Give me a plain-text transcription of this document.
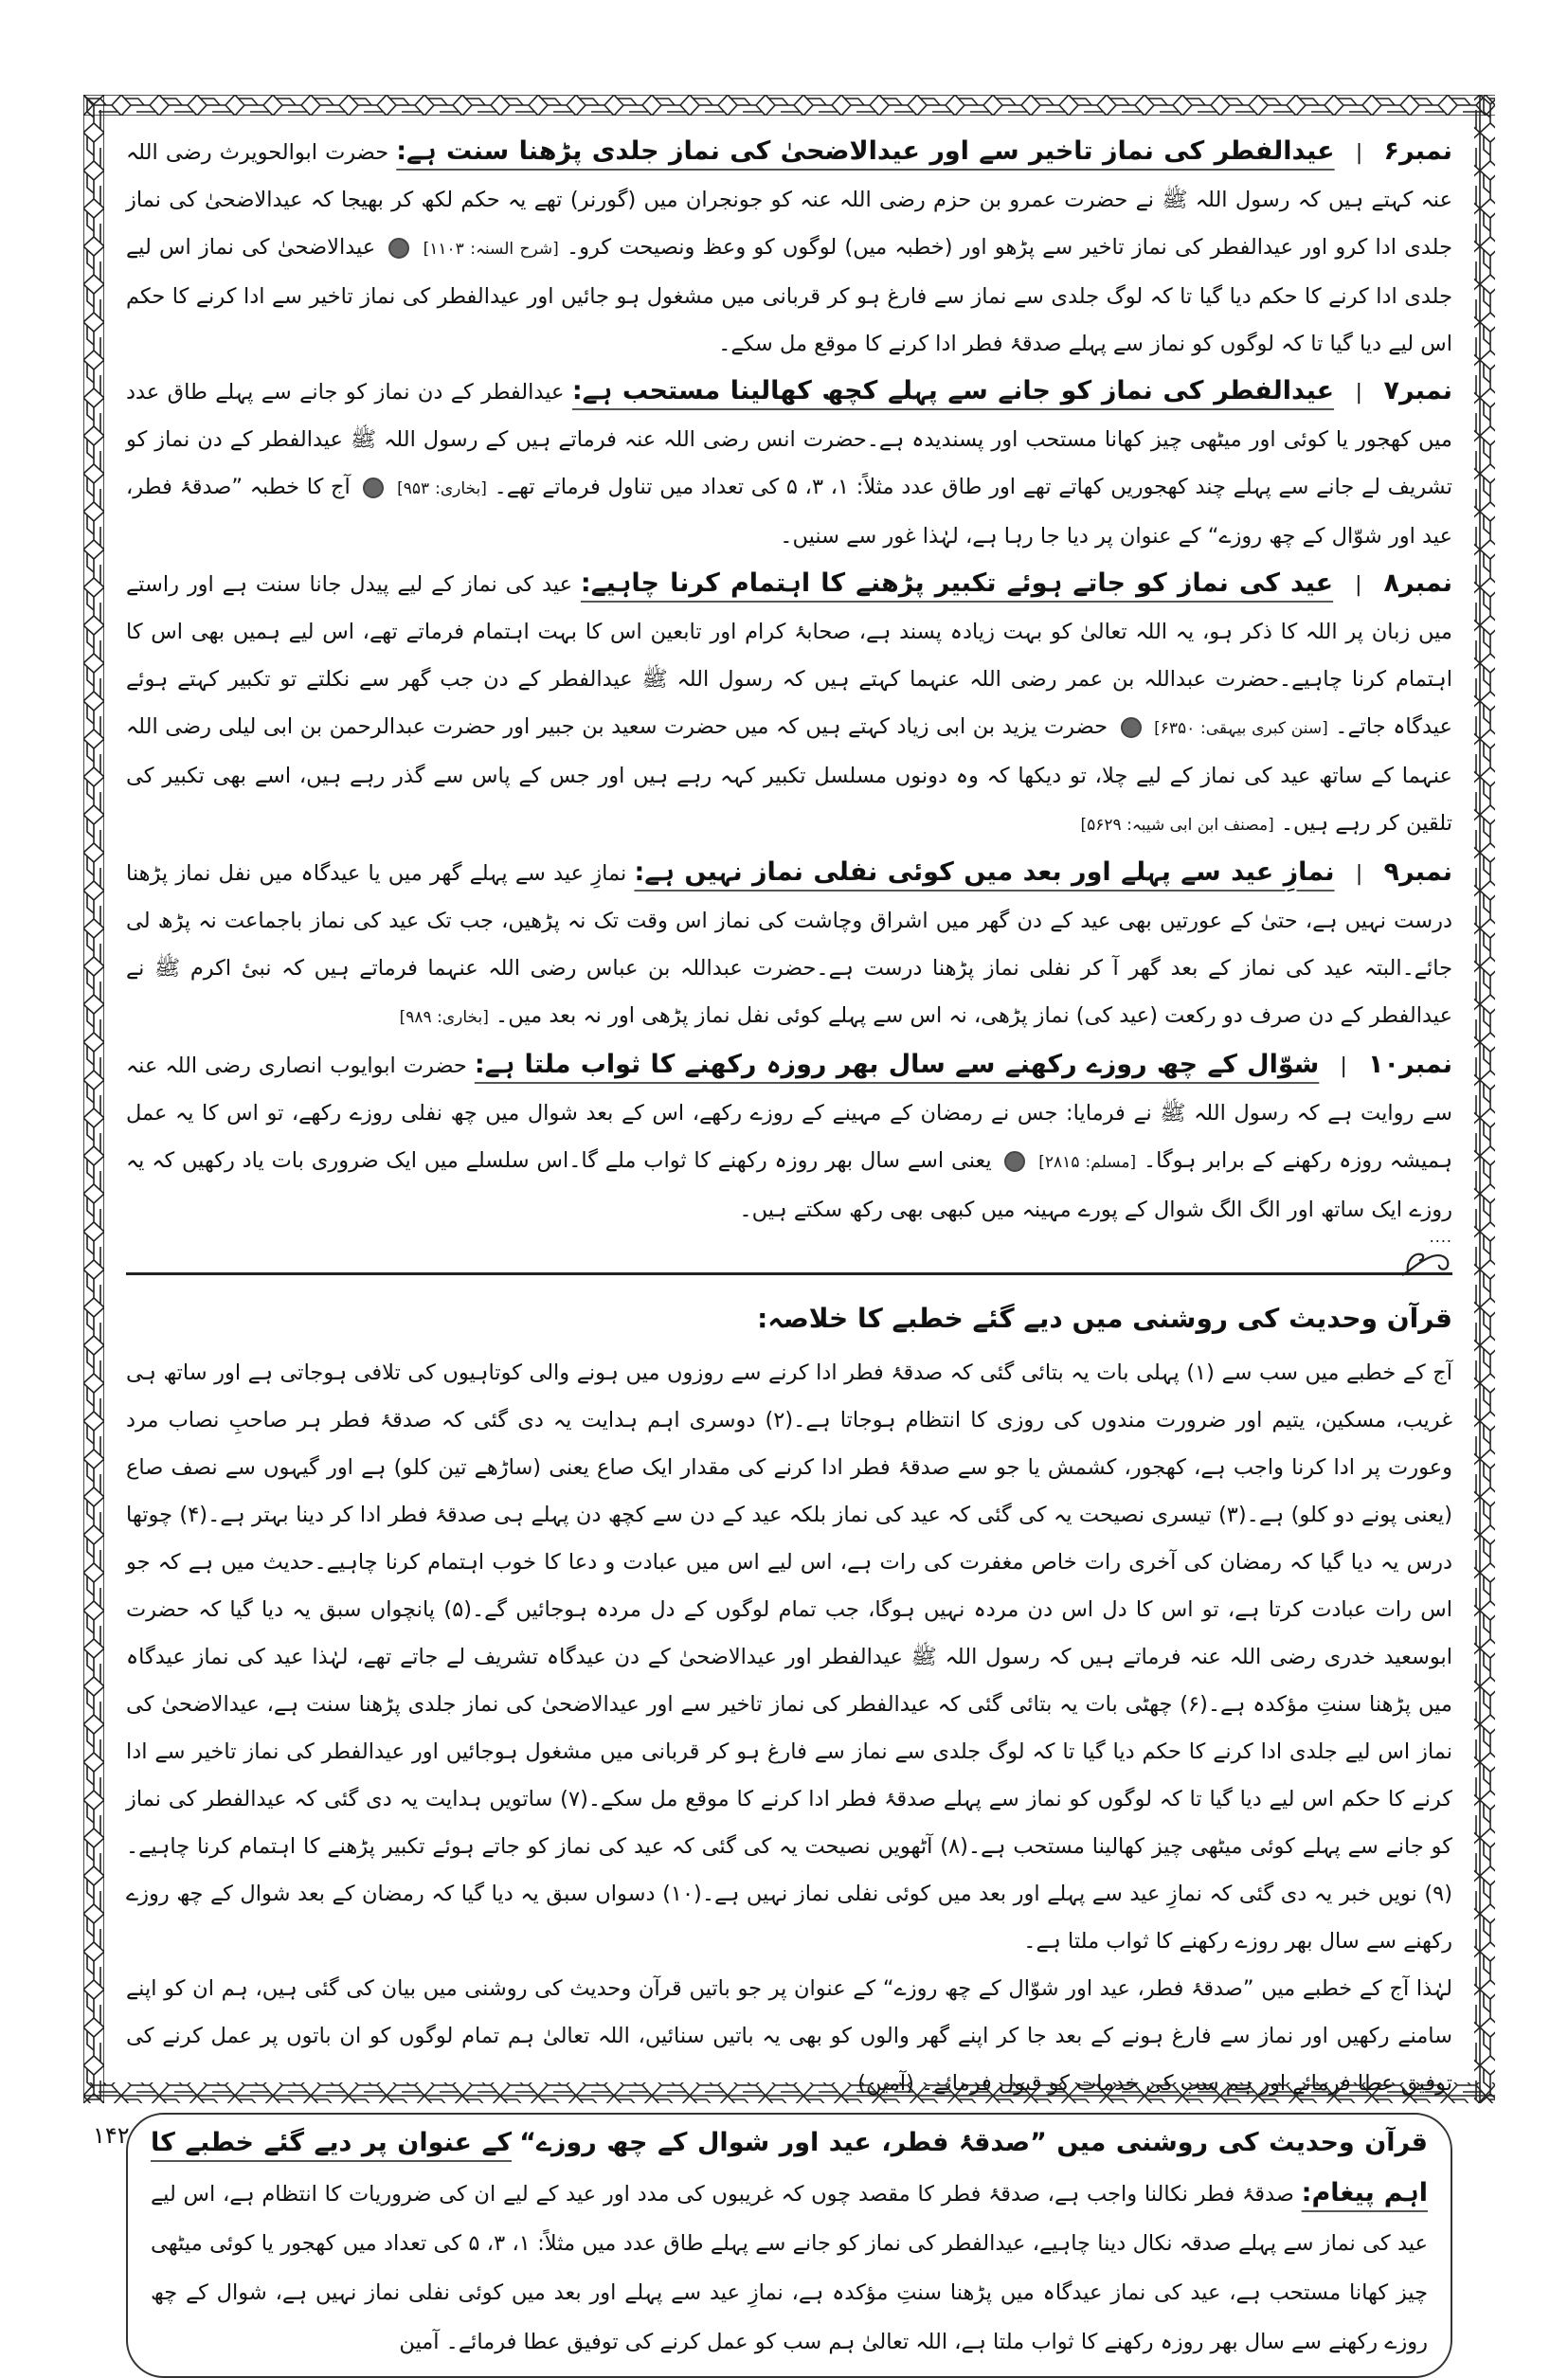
نمبر۶ | عیدالفطر کی نماز تاخیر سے اور عیدالاضحیٰ کی نماز جلدی پڑھنا سنت ہے: حضرت ابوالحویرث رضی اللہ عنہ کہتے ہیں کہ رسول اللہ ﷺ نے حضرت عمرو بن حزم رضی اللہ عنہ کو جونجران میں (گورنر) تھے یہ حکم لکھ کر بھیجا کہ عیدالاضحیٰ کی نماز جلدی ادا کرو اور عیدالفطر کی نماز تاخیر سے پڑھو اور (خطبہ میں) لوگوں کو وعظ ونصیحت کرو۔ [شرح السنہ: ۱۱۰۳]  عیدالاضحیٰ کی نماز اس لیے جلدی ادا کرنے کا حکم دیا گیا تا کہ لوگ جلدی سے نماز سے فارغ ہو کر قربانی میں مشغول ہو جائیں اور عیدالفطر کی نماز تاخیر سے ادا کرنے کا حکم اس لیے دیا گیا تا کہ لوگوں کو نماز سے پہلے صدقۂ فطر ادا کرنے کا موقع مل سکے۔

نمبر۷ | عیدالفطر کی نماز کو جانے سے پہلے کچھ کھالینا مستحب ہے: عیدالفطر کے دن نماز کو جانے سے پہلے طاق عدد میں کھجور یا کوئی اور میٹھی چیز کھانا مستحب اور پسندیدہ ہے۔حضرت انس رضی اللہ عنہ فرماتے ہیں کے رسول اللہ ﷺ عیدالفطر کے دن نماز کو تشریف لے جانے سے پہلے چند کھجوریں کھاتے تھے اور طاق عدد مثلاً: ۱، ۳، ۵ کی تعداد میں تناول فرماتے تھے۔ [بخاری: ۹۵۳]  آج کا خطبہ ”صدقۂ فطر، عید اور شوّال کے چھ روزے“ کے عنوان پر دیا جا رہا ہے، لہٰذا غور سے سنیں۔

نمبر۸ | عید کی نماز کو جاتے ہوئے تکبیر پڑھنے کا اہتمام کرنا چاہیے: عید کی نماز کے لیے پیدل جانا سنت ہے اور راستے میں زبان پر اللہ کا ذکر ہو، یہ اللہ تعالیٰ کو بہت زیادہ پسند ہے، صحابۂ کرام اور تابعین اس کا بہت اہتمام فرماتے تھے، اس لیے ہمیں بھی اس کا اہتمام کرنا چاہیے۔حضرت عبداللہ بن عمر رضی اللہ عنہما کہتے ہیں کہ رسول اللہ ﷺ عیدالفطر کے دن جب گھر سے نکلتے تو تکبیر کہتے ہوئے عیدگاہ جاتے۔ [سنن کبری بیہقی: ۶۳۵۰]  حضرت یزید بن ابی زیاد کہتے ہیں کہ میں حضرت سعید بن جبیر اور حضرت عبدالرحمن بن ابی لیلی رضی اللہ عنہما کے ساتھ عید کی نماز کے لیے چلا، تو دیکھا کہ وہ دونوں مسلسل تکبیر کہہ رہے ہیں اور جس کے پاس سے گذر رہے ہیں، اسے بھی تکبیر کی تلقین کر رہے ہیں۔ [مصنف ابن ابی شیبہ: ۵۶۲۹]

نمبر۹ | نمازِ عید سے پہلے اور بعد میں کوئی نفلی نماز نہیں ہے: نمازِ عید سے پہلے گھر میں یا عیدگاہ میں نفل نماز پڑھنا درست نہیں ہے، حتیٰ کے عورتیں بھی عید کے دن گھر میں اشراق وچاشت کی نماز اس وقت تک نہ پڑھیں، جب تک عید کی نماز باجماعت نہ پڑھ لی جائے۔البتہ عید کی نماز کے بعد گھر آ کر نفلی نماز پڑھنا درست ہے۔حضرت عبداللہ بن عباس رضی اللہ عنہما فرماتے ہیں کہ نبیٔ اکرم ﷺ نے عیدالفطر کے دن صرف دو رکعت (عید کی) نماز پڑھی، نہ اس سے پہلے کوئی نفل نماز پڑھی اور نہ بعد میں۔ [بخاری: ۹۸۹]

نمبر۱۰ | شوّال کے چھ روزے رکھنے سے سال بھر روزہ رکھنے کا ثواب ملتا ہے: حضرت ابوایوب انصاری رضی اللہ عنہ سے روایت ہے کہ رسول اللہ ﷺ نے فرمایا: جس نے رمضان کے مہینے کے روزے رکھے، اس کے بعد شوال میں چھ نفلی روزے رکھے، تو اس کا یہ عمل ہمیشہ روزہ رکھنے کے برابر ہوگا۔ [مسلم: ۲۸۱۵]  یعنی اسے سال بھر روزہ رکھنے کا ثواب ملے گا۔اس سلسلے میں ایک ضروری بات یاد رکھیں کہ یہ روزے ایک ساتھ اور الگ الگ شوال کے پورے مہینہ میں کبھی بھی رکھ سکتے ہیں۔

....

قرآن وحدیث کی روشنی میں دیے گئے خطبے کا خلاصہ:

آج کے خطبے میں سب سے (۱) پہلی بات یہ بتائی گئی کہ صدقۂ فطر ادا کرنے سے روزوں میں ہونے والی کوتاہیوں کی تلافی ہوجاتی ہے اور ساتھ ہی غریب، مسکین، یتیم اور ضرورت مندوں کی روزی کا انتظام ہوجاتا ہے۔(۲) دوسری اہم ہدایت یہ دی گئی کہ صدقۂ فطر ہر صاحبِ نصاب مرد وعورت پر ادا کرنا واجب ہے، کھجور، کشمش یا جو سے صدقۂ فطر ادا کرنے کی مقدار ایک صاع یعنی (ساڑھے تین کلو) ہے اور گیہوں سے نصف صاع (یعنی پونے دو کلو) ہے۔(۳) تیسری نصیحت یہ کی گئی کہ عید کی نماز بلکہ عید کے دن سے کچھ دن پہلے ہی صدقۂ فطر ادا کر دینا بہتر ہے۔(۴) چوتھا درس یہ دیا گیا کہ رمضان کی آخری رات خاص مغفرت کی رات ہے، اس لیے اس میں عبادت و دعا کا خوب اہتمام کرنا چاہیے۔حدیث میں ہے کہ جو اس رات عبادت کرتا ہے، تو اس کا دل اس دن مردہ نہیں ہوگا، جب تمام لوگوں کے دل مردہ ہوجائیں گے۔(۵) پانچواں سبق یہ دیا گیا کہ حضرت ابوسعید خدری رضی اللہ عنہ فرماتے ہیں کہ رسول اللہ ﷺ عیدالفطر اور عیدالاضحیٰ کے دن عیدگاہ تشریف لے جاتے تھے، لہٰذا عید کی نماز عیدگاہ میں پڑھنا سنتِ مؤکدہ ہے۔(۶) چھٹی بات یہ بتائی گئی کہ عیدالفطر کی نماز تاخیر سے اور عیدالاضحیٰ کی نماز جلدی پڑھنا سنت ہے، عیدالاضحیٰ کی نماز اس لیے جلدی ادا کرنے کا حکم دیا گیا تا کہ لوگ جلدی سے نماز سے فارغ ہو کر قربانی میں مشغول ہوجائیں اور عیدالفطر کی نماز تاخیر سے ادا کرنے کا حکم اس لیے دیا گیا تا کہ لوگوں کو نماز سے پہلے صدقۂ فطر ادا کرنے کا موقع مل سکے۔(۷) ساتویں ہدایت یہ دی گئی کہ عیدالفطر کی نماز کو جانے سے پہلے کوئی میٹھی چیز کھالینا مستحب ہے۔(۸) آٹھویں نصیحت یہ کی گئی کہ عید کی نماز کو جاتے ہوئے تکبیر پڑھنے کا اہتمام کرنا چاہیے۔(۹) نویں خبر یہ دی گئی کہ نمازِ عید سے پہلے اور بعد میں کوئی نفلی نماز نہیں ہے۔(۱۰) دسواں سبق یہ دیا گیا کہ رمضان کے بعد شوال کے چھ روزے رکھنے سے سال بھر روزے رکھنے کا ثواب ملتا ہے۔

لہٰذا آج کے خطبے میں ”صدقۂ فطر، عید اور شوّال کے چھ روزے“ کے عنوان پر جو باتیں قرآن وحدیث کی روشنی میں بیان کی گئی ہیں، ہم ان کو اپنے سامنے رکھیں اور نماز سے فارغ ہونے کے بعد جا کر اپنے گھر والوں کو بھی یہ باتیں سنائیں، اللہ تعالیٰ ہم تمام لوگوں کو ان باتوں پر عمل کرنے کی توفیق عطا فرمائے اور ہم سب کی خدمات کو قبول فرمائے۔ (آمین)

قرآن وحدیث کی روشنی میں ”صدقۂ فطر، عید اور شوال کے چھ روزے“ کے عنوان پر دیے گئے خطبے کا اہم پیغام: صدقۂ فطر نکالنا واجب ہے، صدقۂ فطر کا مقصد چوں کہ غریبوں کی مدد اور عید کے لیے ان کی ضروریات کا انتظام ہے، اس لیے عید کی نماز سے پہلے صدقہ نکال دینا چاہیے، عیدالفطر کی نماز کو جانے سے پہلے طاق عدد میں مثلاً: ۱، ۳، ۵ کی تعداد میں کھجور یا کوئی میٹھی چیز کھانا مستحب ہے، عید کی نماز عیدگاہ میں پڑھنا سنتِ مؤکدہ ہے، نمازِ عید سے پہلے اور بعد میں کوئی نفلی نماز نہیں ہے، شوال کے چھ روزے رکھنے سے سال بھر روزہ رکھنے کا ثواب ملتا ہے، اللہ تعالیٰ ہم سب کو عمل کرنے کی توفیق عطا فرمائے۔ آمین

۱۴۲
